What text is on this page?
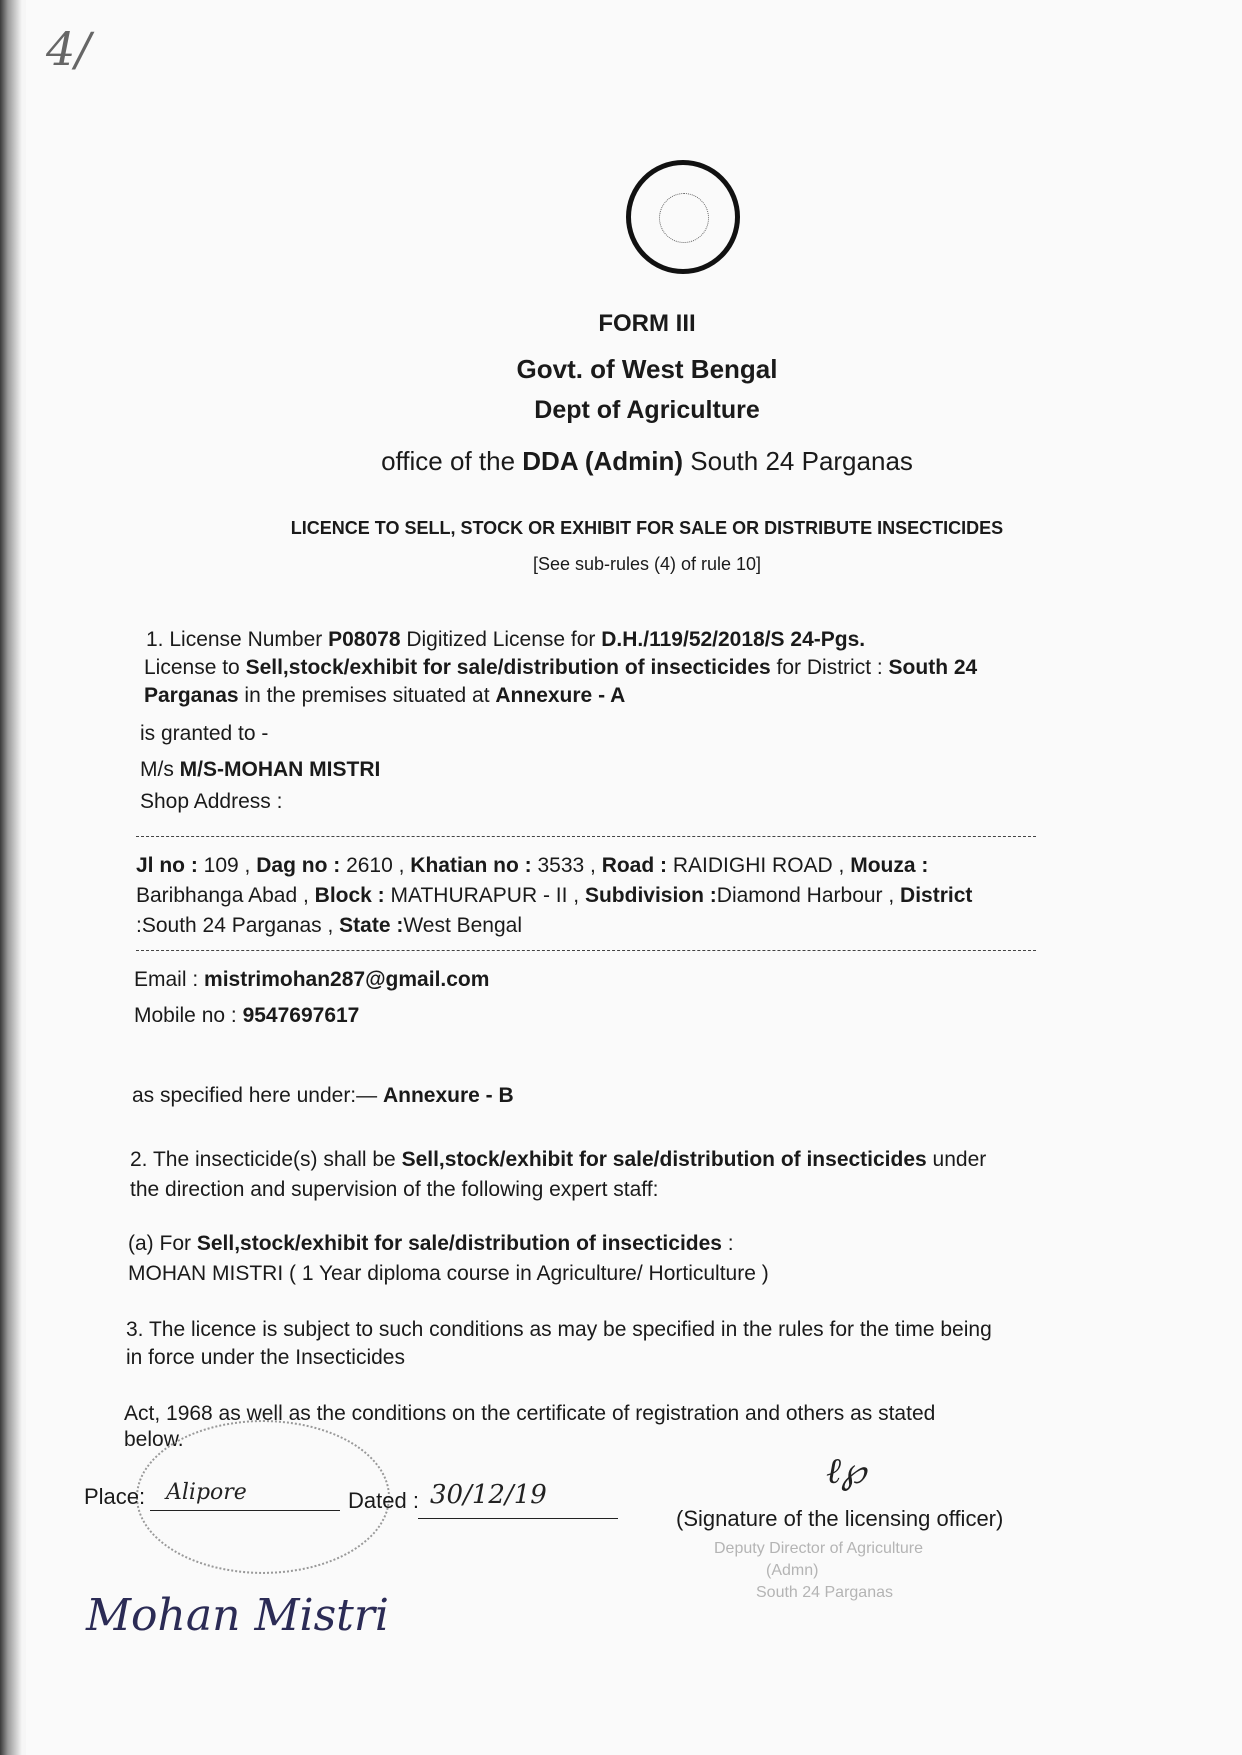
4/
FORM III
Govt. of West Bengal
Dept of Agriculture
office of the DDA (Admin) South 24 Parganas
LICENCE TO SELL, STOCK OR EXHIBIT FOR SALE OR DISTRIBUTE INSECTICIDES
[See sub-rules (4) of rule 10]
1. License Number P08078 Digitized License for D.H./119/52/2018/S 24-Pgs.
License to Sell,stock/exhibit for sale/distribution of insecticides for District : South 24
Parganas in the premises situated at Annexure - A
is granted to -
M/s M/S-MOHAN MISTRI
Shop Address :
Jl no : 109 , Dag no : 2610 , Khatian no : 3533 , Road : RAIDIGHI ROAD , Mouza :
Baribhanga Abad , Block : MATHURAPUR - II , Subdivision :Diamond Harbour , District
:South 24 Parganas , State :West Bengal
Email : mistrimohan287@gmail.com
Mobile no : 9547697617
as specified here under:— Annexure - B
2. The insecticide(s) shall be Sell,stock/exhibit for sale/distribution of insecticides under
the direction and supervision of the following expert staff:
(a) For Sell,stock/exhibit for sale/distribution of insecticides :
MOHAN MISTRI ( 1 Year diploma course in Agriculture/ Horticulture )
3. The licence is subject to such conditions as may be specified in the rules for the time being
in force under the Insecticides
Act, 1968 as well as the conditions on the certificate of registration and others as stated
below.
Place: Alipore	Dated : 30/12/19
ℓ℘
(Signature of the licensing officer)
Deputy Director of Agriculture
(Admn)
South 24 Parganas
Mohan Mistri
